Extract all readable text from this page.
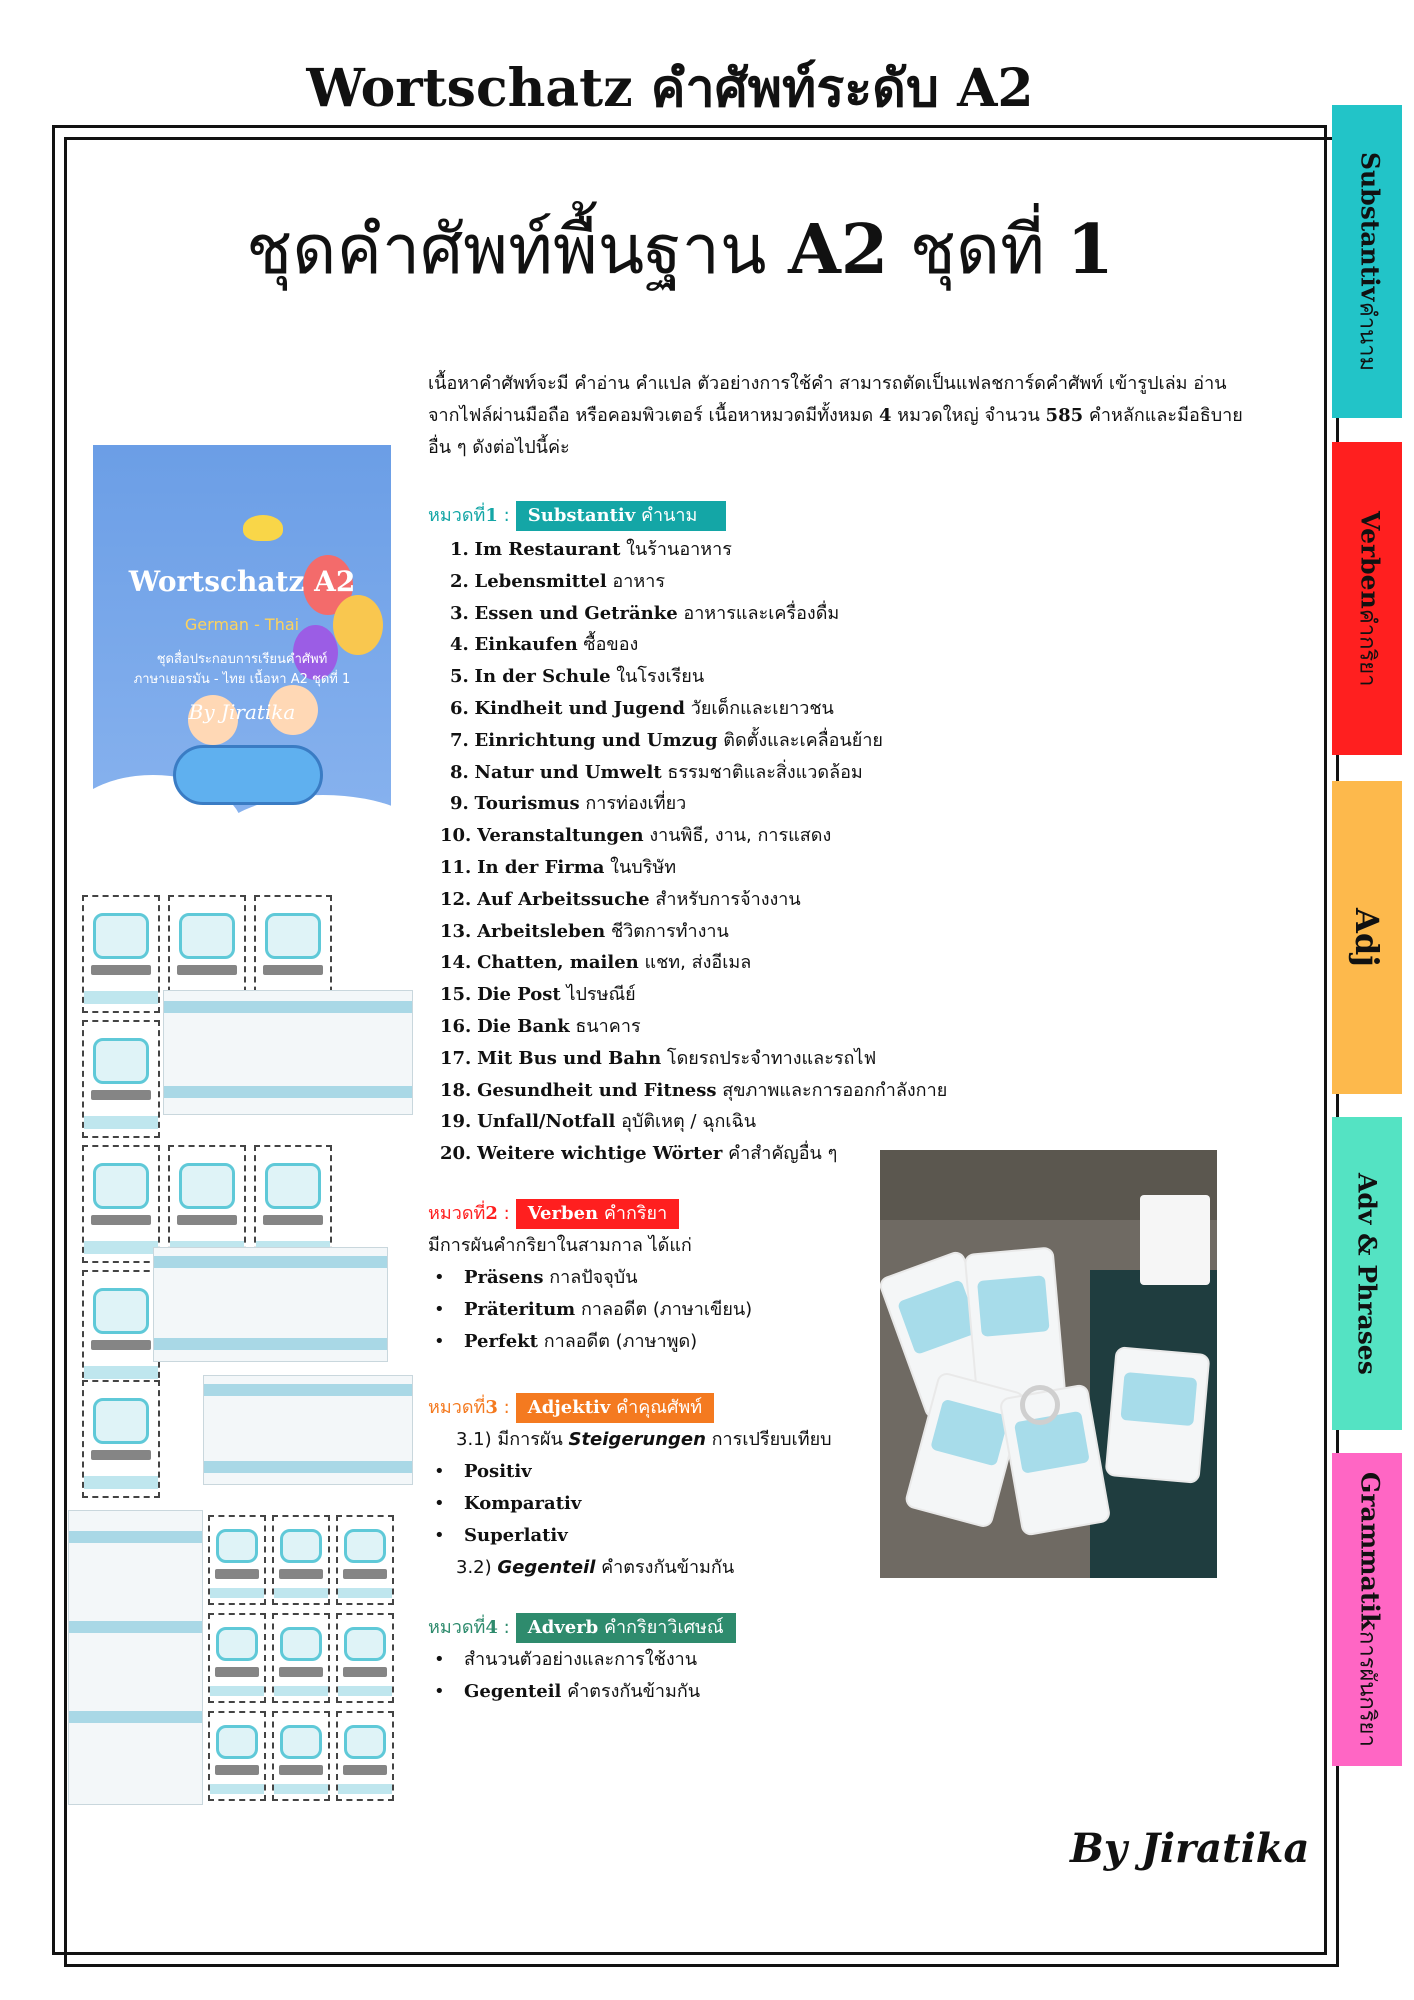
Wortschatz คำศัพท์ระดับ A2
ชุดคำศัพท์พื้นฐาน A2 ชุดที่ 1	Substantiv
คำนาม
Verben
คำกริยา
Adj
Adv & Phrases
Grammatik
การผันกริยา
เนื้อหาคำศัพท์จะมี คำอ่าน คำแปล ตัวอย่างการใช้คำ สามารถตัดเป็นแฟลชการ์ดคำศัพท์ เข้ารูปเล่ม อ่านจากไฟล์ผ่านมือถือ หรือคอมพิวเตอร์ เนื้อหาหมวดมีทั้งหมด 4 หมวดใหญ่ จำนวน 585 คำหลักและมีอธิบายอื่น ๆ ดังต่อไปนี้ค่ะ
หมวดที่1 :	Substantiv คำนาม
1. Im Restaurant ในร้านอาหาร
2. Lebensmittel อาหาร
3. Essen und Getränke อาหารและเครื่องดื่ม
4. Einkaufen ซื้อของ
5. In der Schule ในโรงเรียน
6. Kindheit und Jugend วัยเด็กและเยาวชน
7. Einrichtung und Umzug ติดตั้งและเคลื่อนย้าย
8. Natur und Umwelt ธรรมชาติและสิ่งแวดล้อม
9. Tourismus การท่องเที่ยว
10. Veranstaltungen งานพิธี, งาน, การแสดง
11. In der Firma ในบริษัท
12. Auf Arbeitssuche สำหรับการจ้างงาน
13. Arbeitsleben ชีวิตการทำงาน
14. Chatten, mailen แชท, ส่งอีเมล
15. Die Post ไปรษณีย์
16. Die Bank ธนาคาร
17. Mit Bus und Bahn โดยรถประจำทางและรถไฟ
18. Gesundheit und Fitness สุขภาพและการออกกำลังกาย
19. Unfall/Notfall อุบัติเหตุ / ฉุกเฉิน
20. Weitere wichtige Wörter คำสำคัญอื่น ๆ
หมวดที่2 :	Verben คำกริยา
มีการผันคำกริยาในสามกาล ได้แก่
• Präsens กาลปัจจุบัน
• Präteritum กาลอดีต (ภาษาเขียน)
• Perfekt กาลอดีต (ภาษาพูด)
หมวดที่3 :	Adjektiv คำคุณศัพท์
3.1) มีการผัน Steigerungen การเปรียบเทียบ
• Positiv
• Komparativ
• Superlativ
3.2) Gegenteil คำตรงกันข้ามกัน
หมวดที่4 :	Adverb คำกริยาวิเศษณ์
• สำนวนตัวอย่างและการใช้งาน
• Gegenteil คำตรงกันข้ามกัน
Wortschatz A2
German - Thai
ชุดสื่อประกอบการเรียนคำศัพท์
ภาษาเยอรมัน - ไทย เนื้อหา A2 ชุดที่ 1
By Jiratika
By Jiratika
